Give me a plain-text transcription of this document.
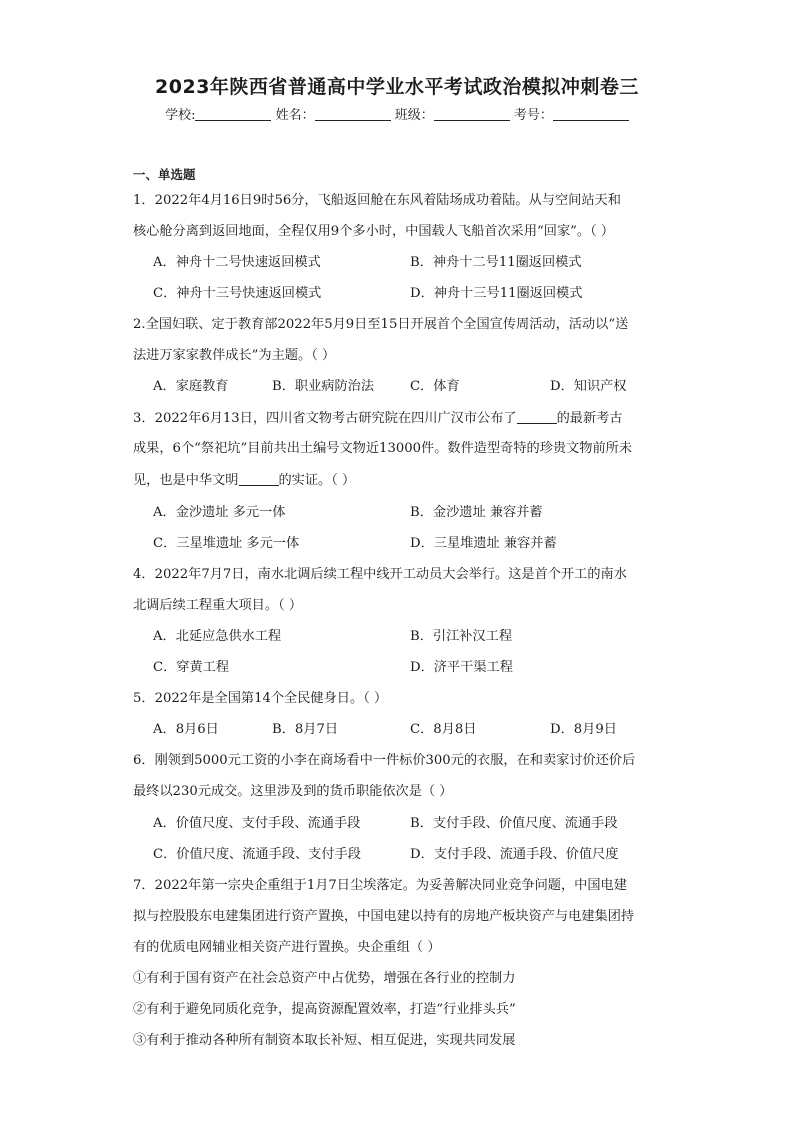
2023年陕西省普通高中学业水平考试政治模拟冲刺卷三
学校:	姓名：	班级：	考号：
一、单选题
1．2022年4月16日9时56分，飞船返回舱在东风着陆场成功着陆。从与空间站天和
核心舱分离到返回地面，全程仅用9个多小时，中国载人飞船首次采用“回家”。（ ）
A．神舟十二号快速返回模式	B．神舟十二号11圈返回模式
C．神舟十三号快速返回模式	D．神舟十三号11圈返回模式
2.全国妇联、定于教育部2022年5月9日至15日开展首个全国宣传周活动，活动以“送
法进万家家教伴成长”为主题。（ ）
A．家庭教育	B．职业病防治法	C．体育	D．知识产权
3．2022年6月13日，四川省文物考古研究院在四川广汉市公布了	的最新考古
成果，6个“祭祀坑”目前共出土编号文物近13000件。数件造型奇特的珍贵文物前所未
见，也是中华文明	的实证。（ ）
A．金沙遗址 多元一体	B．金沙遗址 兼容并蓄
C．三星堆遗址 多元一体	D．三星堆遗址 兼容并蓄
4．2022年7月7日，南水北调后续工程中线开工动员大会举行。这是首个开工的南水
北调后续工程重大项目。（ ）
A．北延应急供水工程	B．引江补汉工程
C．穿黄工程	D．济平干渠工程
5．2022年是全国第14个全民健身日。（ ）
A．8月6日	B．8月7日	C．8月8日	D．8月9日
6．刚领到5000元工资的小李在商场看中一件标价300元的衣服，在和卖家讨价还价后
最终以230元成交。这里涉及到的货币职能依次是（ ）
A．价值尺度、支付手段、流通手段	B．支付手段、价值尺度、流通手段
C．价值尺度、流通手段、支付手段	D．支付手段、流通手段、价值尺度
7．2022年第一宗央企重组于1月7日尘埃落定。为妥善解决同业竞争问题，中国电建
拟与控股股东电建集团进行资产置换，中国电建以持有的房地产板块资产与电建集团持
有的优质电网辅业相关资产进行置换。央企重组（ ）
①有利于国有资产在社会总资产中占优势，增强在各行业的控制力
②有利于避免同质化竞争，提高资源配置效率，打造“行业排头兵”
③有利于推动各种所有制资本取长补短、相互促进，实现共同发展
